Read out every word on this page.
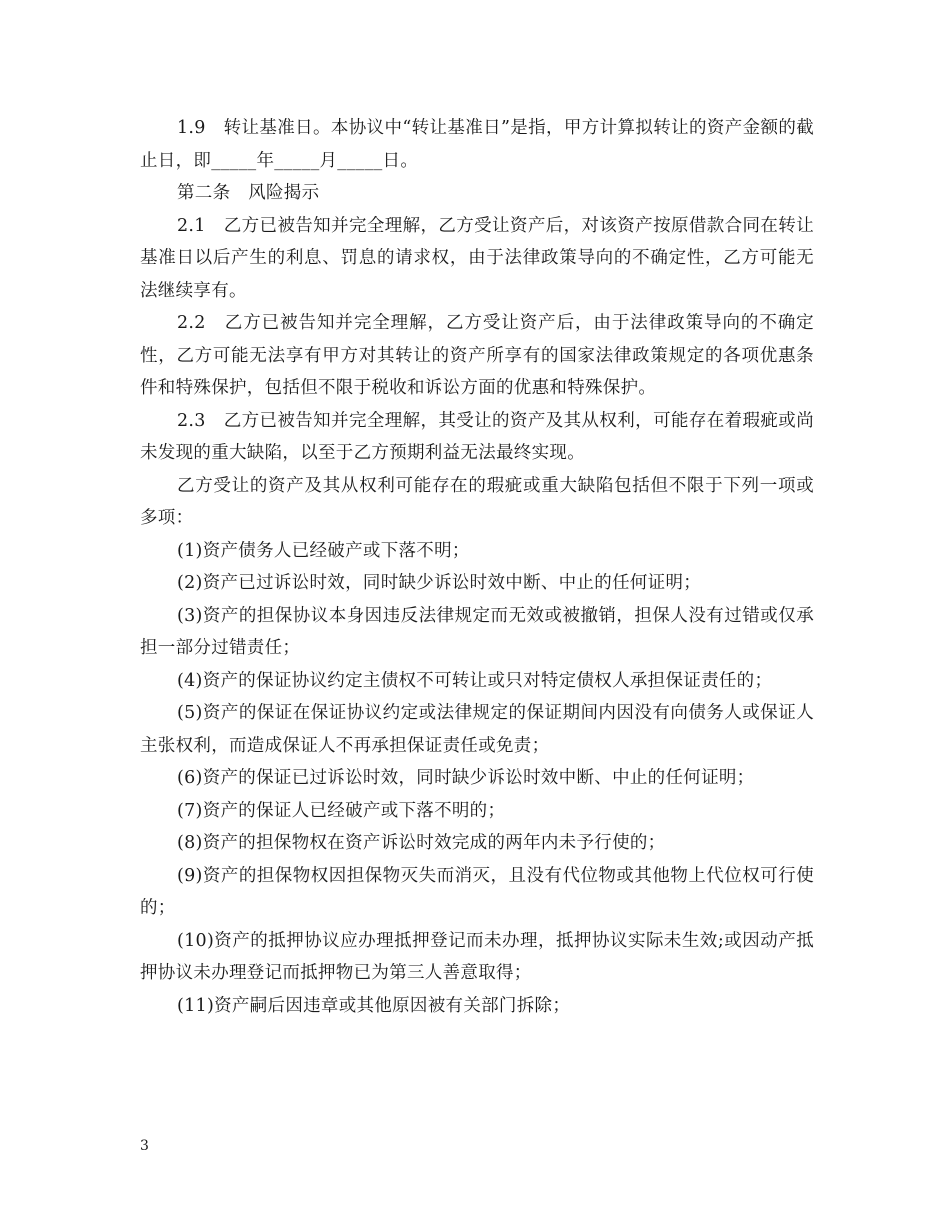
1.9　转让基准日。本协议中“转让基准日”是指，甲方计算拟转让的资产金额的截止日，即_____年_____月_____日。

第二条　风险揭示

2.1　乙方已被告知并完全理解，乙方受让资产后，对该资产按原借款合同在转让基准日以后产生的利息、罚息的请求权，由于法律政策导向的不确定性，乙方可能无法继续享有。

2.2　乙方已被告知并完全理解，乙方受让资产后，由于法律政策导向的不确定性，乙方可能无法享有甲方对其转让的资产所享有的国家法律政策规定的各项优惠条件和特殊保护，包括但不限于税收和诉讼方面的优惠和特殊保护。

2.3　乙方已被告知并完全理解，其受让的资产及其从权利，可能存在着瑕疵或尚未发现的重大缺陷，以至于乙方预期利益无法最终实现。

乙方受让的资产及其从权利可能存在的瑕疵或重大缺陷包括但不限于下列一项或多项：

(1)资产债务人已经破产或下落不明；

(2)资产已过诉讼时效，同时缺少诉讼时效中断、中止的任何证明；

(3)资产的担保协议本身因违反法律规定而无效或被撤销，担保人没有过错或仅承担一部分过错责任；

(4)资产的保证协议约定主债权不可转让或只对特定债权人承担保证责任的；

(5)资产的保证在保证协议约定或法律规定的保证期间内因没有向债务人或保证人主张权利，而造成保证人不再承担保证责任或免责；

(6)资产的保证已过诉讼时效，同时缺少诉讼时效中断、中止的任何证明；

(7)资产的保证人已经破产或下落不明的；

(8)资产的担保物权在资产诉讼时效完成的两年内未予行使的；

(9)资产的担保物权因担保物灭失而消灭，且没有代位物或其他物上代位权可行使的；

(10)资产的抵押协议应办理抵押登记而未办理，抵押协议实际未生效;或因动产抵押协议未办理登记而抵押物已为第三人善意取得；

(11)资产嗣后因违章或其他原因被有关部门拆除；

3
